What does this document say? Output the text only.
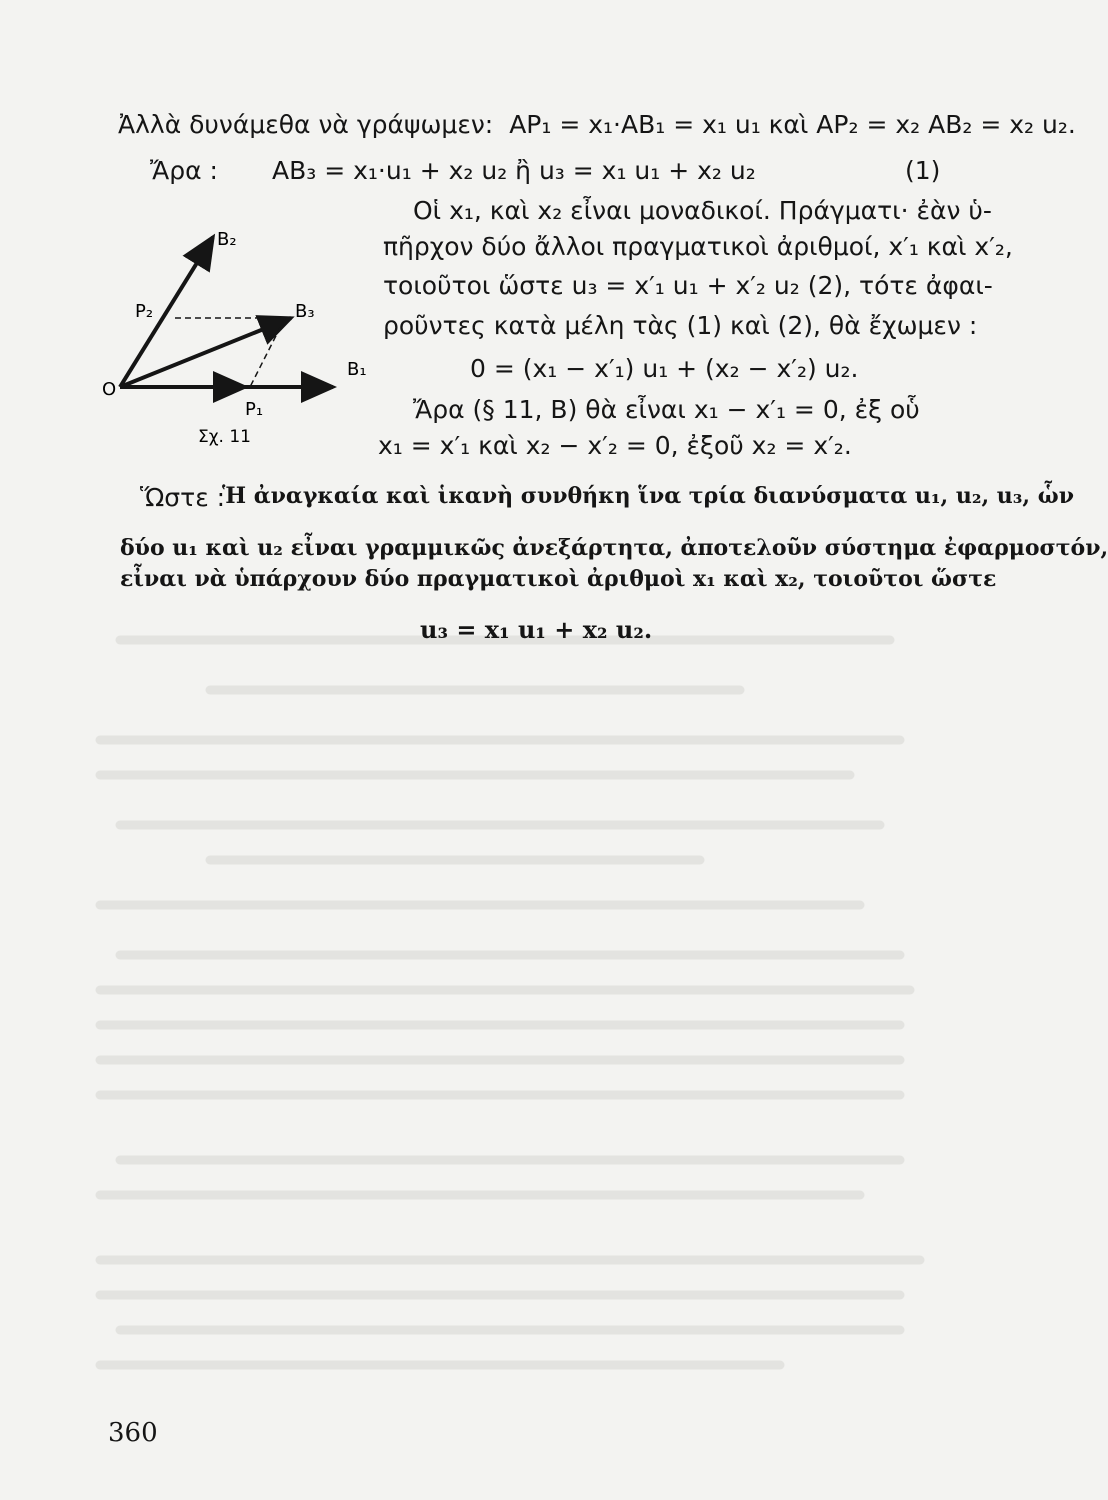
Ἀλλὰ δυνάμεθα νὰ γράψωμεν: AP₁ = x₁·AB₁ = x₁ u₁ καὶ AP₂ = x₂ AB₂ = x₂ u₂.
Ἄρα : AB₃ = x₁·u₁ + x₂ u₂ ἢ u₃ = x₁ u₁ + x₂ u₂	(1)
Οἱ x₁, καὶ x₂ εἶναι μοναδικοί. Πράγματι· ἐὰν ὑ-
πῆρχον δύο ἄλλοι πραγματικοὶ ἀριθμοί, x′₁ καὶ x′₂,
τοιοῦτοι ὥστε u₃ = x′₁ u₁ + x′₂ u₂ (2), τότε ἀφαι-
ροῦντες κατὰ μέλη τὰς (1) καὶ (2), θὰ ἔχωμεν :
0 = (x₁ − x′₁) u₁ + (x₂ − x′₂) u₂.
Ἄρα (§ 11, B) θὰ εἶναι x₁ − x′₁ = 0, ἐξ οὗ
x₁ = x′₁ καὶ x₂ − x′₂ = 0, ἐξοῦ x₂ = x′₂.
Ὥστε :
Ἡ ἀναγκαία καὶ ἱκανὴ συνθήκη ἵνα τρία διανύσματα u₁, u₂, u₃, ὧν
δύο u₁ καὶ u₂ εἶναι γραμμικῶς ἀνεξάρτητα, ἀποτελοῦν σύστημα ἐφαρμοστόν,
εἶναι νὰ ὑπάρχουν δύο πραγματικοὶ ἀριθμοὶ x₁ καὶ x₂, τοιοῦτοι ὥστε
u₃ = x₁ u₁ + x₂ u₂.
O
B₁
B₂
B₃
P₁
P₂
Σχ. 11
360
